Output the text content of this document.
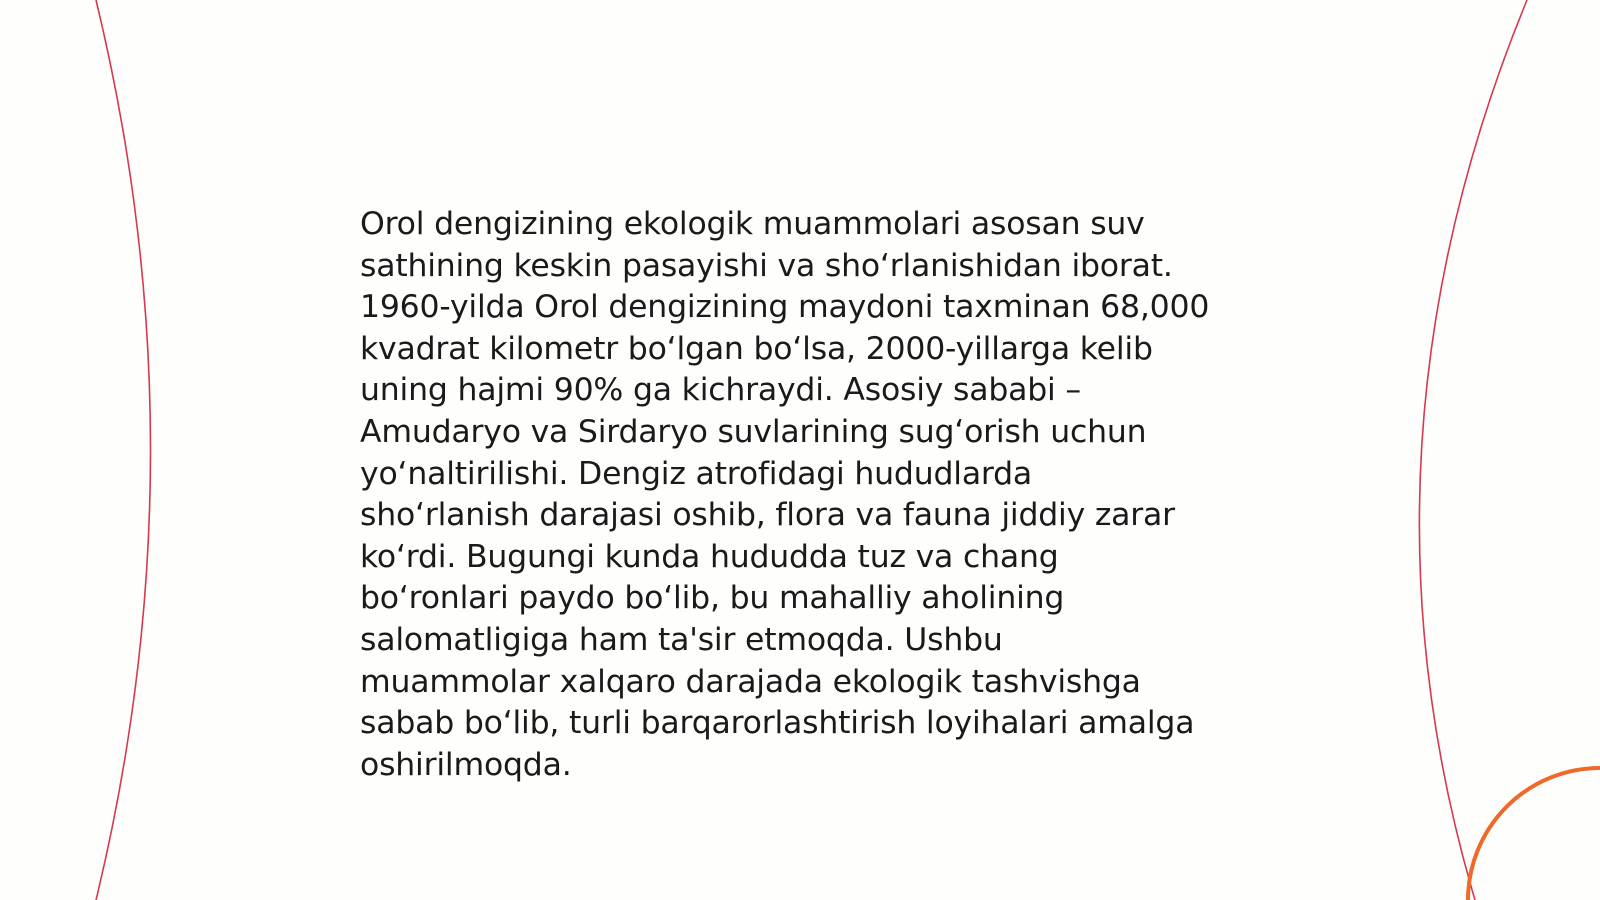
Orol dengizining ekologik muammolari asosan suv
sathining keskin pasayishi va sho‘rlanishidan iborat.
1960-yilda Orol dengizining maydoni taxminan 68,000
kvadrat kilometr bo‘lgan bo‘lsa, 2000-yillarga kelib
uning hajmi 90% ga kichraydi. Asosiy sababi –
Amudaryo va Sirdaryo suvlarining sug‘orish uchun
yo‘naltirilishi. Dengiz atrofidagi hududlarda
sho‘rlanish darajasi oshib, flora va fauna jiddiy zarar
ko‘rdi. Bugungi kunda hududda tuz va chang
bo‘ronlari paydo bo‘lib, bu mahalliy aholining
salomatligiga ham ta'sir etmoqda. Ushbu
muammolar xalqaro darajada ekologik tashvishga
sabab bo‘lib, turli barqarorlashtirish loyihalari amalga
oshirilmoqda.
